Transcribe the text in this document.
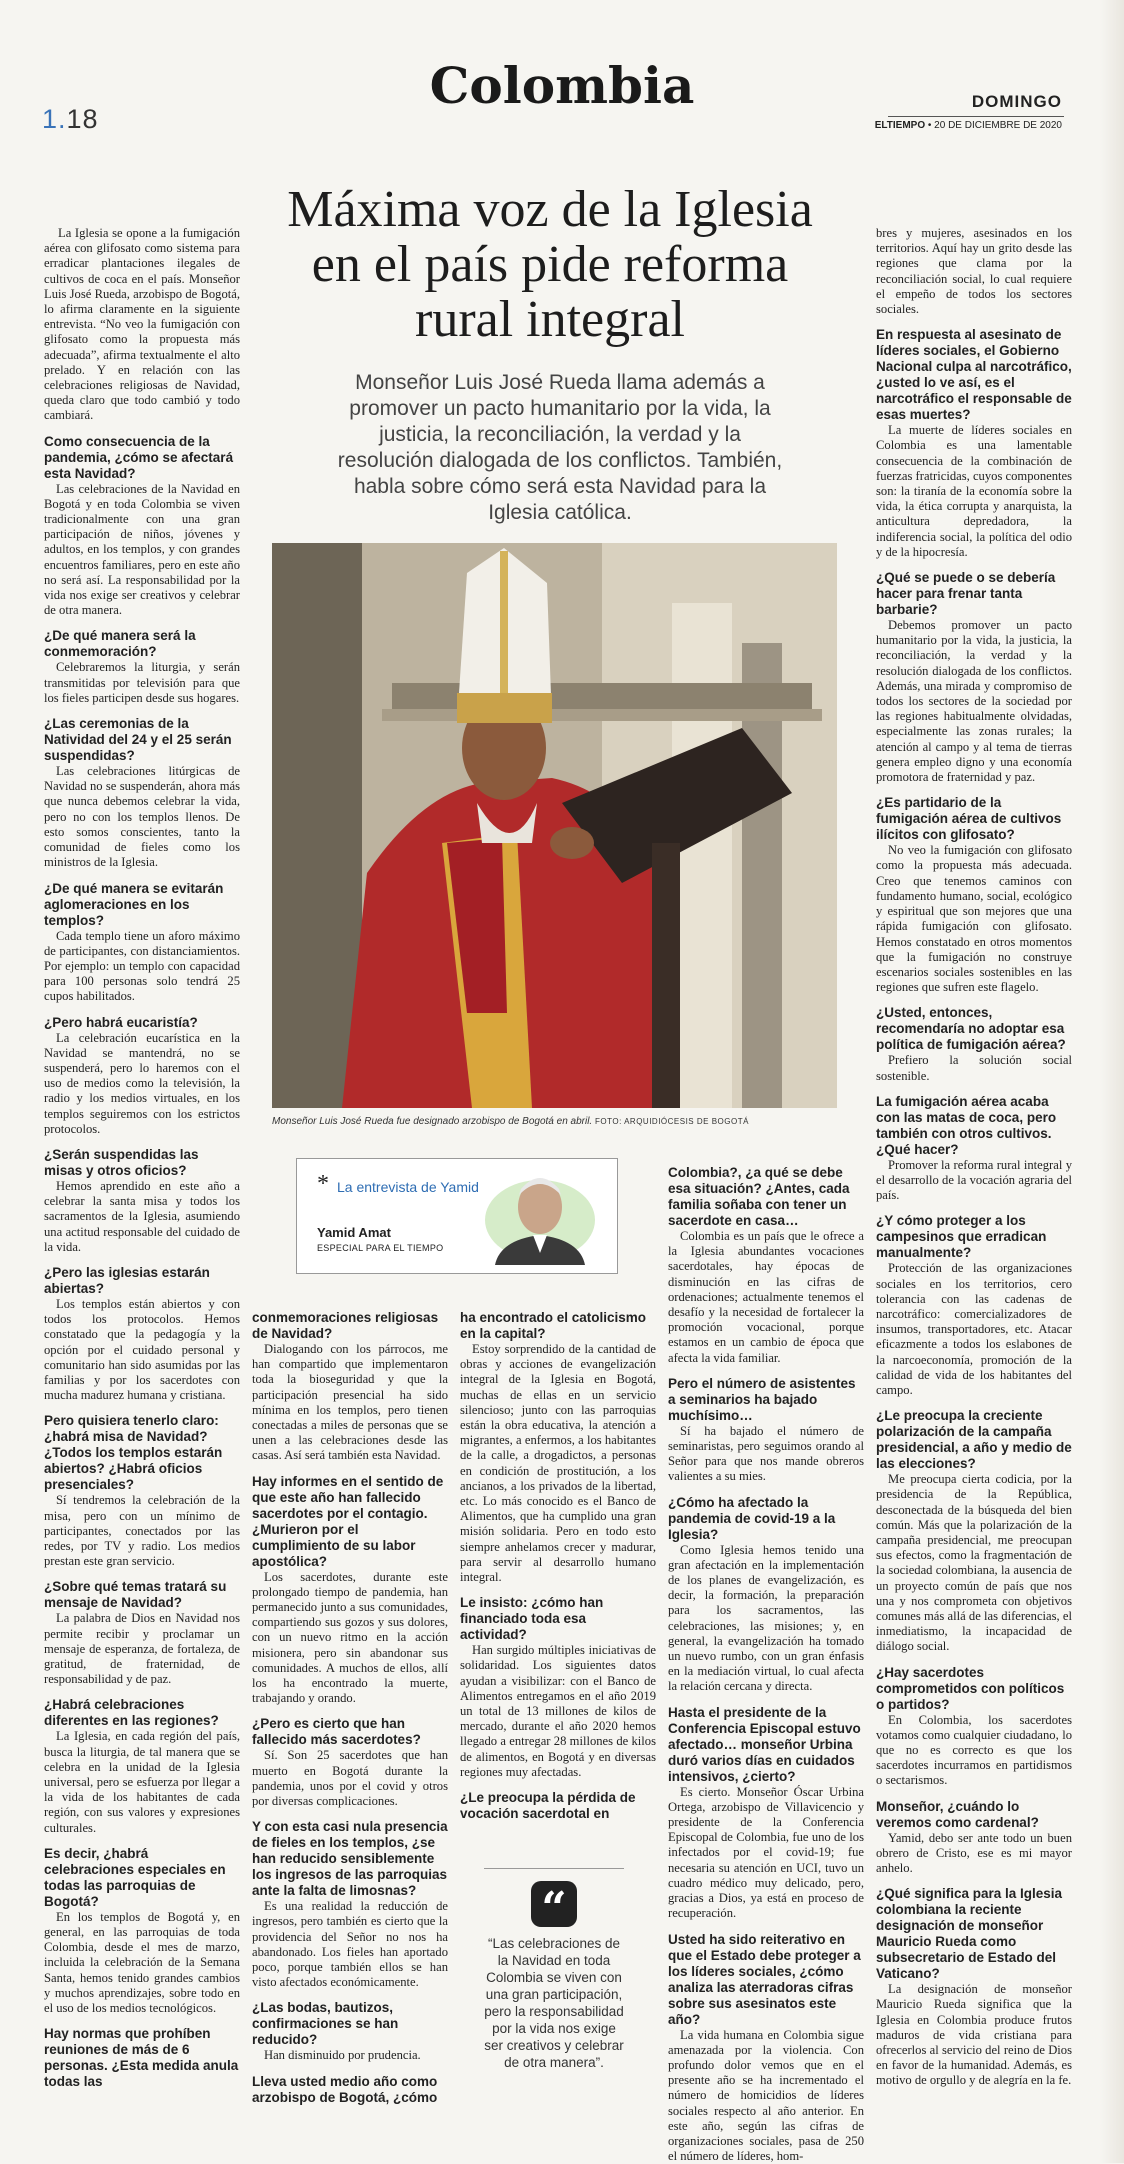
1.18
Colombia	DOMINGO
ELTIEMPO • 20 DE DICIEMBRE DE 2020
Máxima voz de la Iglesia en el país pide reforma rural integral
Monseñor Luis José Rueda llama además a promover un pacto humanitario por la vida, la justicia, la reconciliación, la verdad y la resolución dialogada de los conflictos. También, habla sobre cómo será esta Navidad para la Iglesia católica.
Monseñor Luis José Rueda fue designado arzobispo de Bogotá en abril. FOTO: ARQUIDIÓCESIS DE BOGOTÁ
* La entrevista de Yamid
Yamid Amat
ESPECIAL PARA EL TIEMPO
“
“Las celebraciones de la Navidad en toda Colombia se viven con una gran participación, pero la responsabilidad por la vida nos exige ser creativos y celebrar de otra manera”.

La Iglesia se opone a la fumigación aérea con glifosato como sistema para erradicar plantaciones ilegales de cultivos de coca en el país. Monseñor Luis José Rueda, arzobispo de Bogotá, lo afirma claramente en la siguiente entrevista. “No veo la fumigación con glifosato como la propuesta más adecuada”, afirma textualmente el alto prelado. Y en relación con las celebraciones religiosas de Navidad, queda claro que todo cambió y todo cambiará.

Como consecuencia de la pandemia, ¿cómo se afectará esta Navidad?

Las celebraciones de la Navidad en Bogotá y en toda Colombia se viven tradicionalmente con una gran participación de niños, jóvenes y adultos, en los templos, y con grandes encuentros familiares, pero en este año no será así. La responsabilidad por la vida nos exige ser creativos y celebrar de otra manera.

¿De qué manera será la conmemoración?

Celebraremos la liturgia, y serán transmitidas por televisión para que los fieles participen desde sus hogares.

¿Las ceremonias de la Natividad del 24 y el 25 serán suspendidas?

Las celebraciones litúrgicas de Navidad no se suspenderán, ahora más que nunca debemos celebrar la vida, pero no con los templos llenos. De esto somos conscientes, tanto la comunidad de fieles como los ministros de la Iglesia.

¿De qué manera se evitarán aglomeraciones en los templos?

Cada templo tiene un aforo máximo de participantes, con distanciamientos. Por ejemplo: un templo con capacidad para 100 personas solo tendrá 25 cupos habilitados.

¿Pero habrá eucaristía?

La celebración eucarística en la Navidad se mantendrá, no se suspenderá, pero lo haremos con el uso de medios como la televisión, la radio y los medios virtuales, en los templos seguiremos con los estrictos protocolos.

¿Serán suspendidas las misas y otros oficios?

Hemos aprendido en este año a celebrar la santa misa y todos los sacramentos de la Iglesia, asumiendo una actitud responsable del cuidado de la vida.

¿Pero las iglesias estarán abiertas?

Los templos están abiertos y con todos los protocolos. Hemos constatado que la pedagogía y la opción por el cuidado personal y comunitario han sido asumidas por las familias y por los sacerdotes con mucha madurez humana y cristiana.

Pero quisiera tenerlo claro: ¿habrá misa de Navidad? ¿Todos los templos estarán abiertos? ¿Habrá oficios presenciales?

Sí tendremos la celebración de la misa, pero con un mínimo de participantes, conectados por las redes, por TV y radio. Los medios prestan este gran servicio.

¿Sobre qué temas tratará su mensaje de Navidad?

La palabra de Dios en Navidad nos permite recibir y proclamar un mensaje de esperanza, de fortaleza, de gratitud, de fraternidad, de responsabilidad y de paz.

¿Habrá celebraciones diferentes en las regiones?

La Iglesia, en cada región del país, busca la liturgia, de tal manera que se celebra en la unidad de la Iglesia universal, pero se esfuerza por llegar a la vida de los habitantes de cada región, con sus valores y expresiones culturales.

Es decir, ¿habrá celebraciones especiales en todas las parroquias de Bogotá?

En los templos de Bogotá y, en general, en las parroquias de toda Colombia, desde el mes de marzo, incluida la celebración de la Semana Santa, hemos tenido grandes cambios y muchos aprendizajes, sobre todo en el uso de los medios tecnológicos.

Hay normas que prohíben reuniones de más de 6 personas. ¿Esta medida anula todas las

conmemoraciones religiosas de Navidad?

Dialogando con los párrocos, me han compartido que implementaron toda la bioseguridad y que la participación presencial ha sido mínima en los templos, pero tienen conectadas a miles de personas que se unen a las celebraciones desde las casas. Así será también esta Navidad.

Hay informes en el sentido de que este año han fallecido sacerdotes por el contagio. ¿Murieron por el cumplimiento de su labor apostólica?

Los sacerdotes, durante este prolongado tiempo de pandemia, han permanecido junto a sus comunidades, compartiendo sus gozos y sus dolores, con un nuevo ritmo en la acción misionera, pero sin abandonar sus comunidades. A muchos de ellos, allí los ha encontrado la muerte, trabajando y orando.

¿Pero es cierto que han fallecido más sacerdotes?

Sí. Son 25 sacerdotes que han muerto en Bogotá durante la pandemia, unos por el covid y otros por diversas complicaciones.

Y con esta casi nula presencia de fieles en los templos, ¿se han reducido sensiblemente los ingresos de las parroquias ante la falta de limosnas?

Es una realidad la reducción de ingresos, pero también es cierto que la providencia del Señor no nos ha abandonado. Los fieles han aportado poco, porque también ellos se han visto afectados económicamente.

¿Las bodas, bautizos, confirmaciones se han reducido?

Han disminuido por prudencia.

Lleva usted medio año como arzobispo de Bogotá, ¿cómo

ha encontrado el catolicismo en la capital?

Estoy sorprendido de la cantidad de obras y acciones de evangelización integral de la Iglesia en Bogotá, muchas de ellas en un servicio silencioso; junto con las parroquias están la obra educativa, la atención a migrantes, a enfermos, a los habitantes de la calle, a drogadictos, a personas en condición de prostitución, a los ancianos, a los privados de la libertad, etc. Lo más conocido es el Banco de Alimentos, que ha cumplido una gran misión solidaria. Pero en todo esto siempre anhelamos crecer y madurar, para servir al desarrollo humano integral.

Le insisto: ¿cómo han financiado toda esa actividad?

Han surgido múltiples iniciativas de solidaridad. Los siguientes datos ayudan a visibilizar: con el Banco de Alimentos entregamos en el año 2019 un total de 13 millones de kilos de mercado, durante el año 2020 hemos llegado a entregar 28 millones de kilos de alimentos, en Bogotá y en diversas regiones muy afectadas.

¿Le preocupa la pérdida de vocación sacerdotal en

Colombia?, ¿a qué se debe esa situación? ¿Antes, cada familia soñaba con tener un sacerdote en casa…

Colombia es un país que le ofrece a la Iglesia abundantes vocaciones sacerdotales, hay épocas de disminución en las cifras de ordenaciones; actualmente tenemos el desafío y la necesidad de fortalecer la promoción vocacional, porque estamos en un cambio de época que afecta la vida familiar.

Pero el número de asistentes a seminarios ha bajado muchísimo…

Sí ha bajado el número de seminaristas, pero seguimos orando al Señor para que nos mande obreros valientes a su mies.

¿Cómo ha afectado la pandemia de covid-19 a la Iglesia?

Como Iglesia hemos tenido una gran afectación en la implementación de los planes de evangelización, es decir, la formación, la preparación para los sacramentos, las celebraciones, las misiones; y, en general, la evangelización ha tomado un nuevo rumbo, con un gran énfasis en la mediación virtual, lo cual afecta la relación cercana y directa.

Hasta el presidente de la Conferencia Episcopal estuvo afectado… monseñor Urbina duró varios días en cuidados intensivos, ¿cierto?

Es cierto. Monseñor Óscar Urbina Ortega, arzobispo de Villavicencio y presidente de la Conferencia Episcopal de Colombia, fue uno de los infectados por el covid-19; fue necesaria su atención en UCI, tuvo un cuadro médico muy delicado, pero, gracias a Dios, ya está en proceso de recuperación.

Usted ha sido reiterativo en que el Estado debe proteger a los líderes sociales, ¿cómo analiza las aterradoras cifras sobre sus asesinatos este año?

La vida humana en Colombia sigue amenazada por la violencia. Con profundo dolor vemos que en el presente año se ha incrementado el número de homicidios de líderes sociales respecto al año anterior. En este año, según las cifras de organizaciones sociales, pasa de 250 el número de líderes, hom-

bres y mujeres, asesinados en los territorios. Aquí hay un grito desde las regiones que clama por la reconciliación social, lo cual requiere el empeño de todos los sectores sociales.

En respuesta al asesinato de líderes sociales, el Gobierno Nacional culpa al narcotráfico, ¿usted lo ve así, es el narcotráfico el responsable de esas muertes?

La muerte de líderes sociales en Colombia es una lamentable consecuencia de la combinación de fuerzas fratricidas, cuyos componentes son: la tiranía de la economía sobre la vida, la ética corrupta y anarquista, la anticultura depredadora, la indiferencia social, la política del odio y de la hipocresía.

¿Qué se puede o se debería hacer para frenar tanta barbarie?

Debemos promover un pacto humanitario por la vida, la justicia, la reconciliación, la verdad y la resolución dialogada de los conflictos. Además, una mirada y compromiso de todos los sectores de la sociedad por las regiones habitualmente olvidadas, especialmente las zonas rurales; la atención al campo y al tema de tierras genera empleo digno y una economía promotora de fraternidad y paz.

¿Es partidario de la fumigación aérea de cultivos ilícitos con glifosato?

No veo la fumigación con glifosato como la propuesta más adecuada. Creo que tenemos caminos con fundamento humano, social, ecológico y espiritual que son mejores que una rápida fumigación con glifosato. Hemos constatado en otros momentos que la fumigación no construye escenarios sociales sostenibles en las regiones que sufren este flagelo.

¿Usted, entonces, recomendaría no adoptar esa política de fumigación aérea?

Prefiero la solución social sostenible.

La fumigación aérea acaba con las matas de coca, pero también con otros cultivos. ¿Qué hacer?

Promover la reforma rural integral y el desarrollo de la vocación agraria del país.

¿Y cómo proteger a los campesinos que erradican manualmente?

Protección de las organizaciones sociales en los territorios, cero tolerancia con las cadenas de narcotráfico: comercializadores de insumos, transportadores, etc. Atacar eficazmente a todos los eslabones de la narcoeconomía, promoción de la calidad de vida de los habitantes del campo.

¿Le preocupa la creciente polarización de la campaña presidencial, a año y medio de las elecciones?

Me preocupa cierta codicia, por la presidencia de la República, desconectada de la búsqueda del bien común. Más que la polarización de la campaña presidencial, me preocupan sus efectos, como la fragmentación de la sociedad colombiana, la ausencia de un proyecto común de país que nos una y nos comprometa con objetivos comunes más allá de las diferencias, el inmediatismo, la incapacidad de diálogo social.

¿Hay sacerdotes comprometidos con políticos o partidos?

En Colombia, los sacerdotes votamos como cualquier ciudadano, lo que no es correcto es que los sacerdotes incurramos en partidismos o sectarismos.

Monseñor, ¿cuándo lo veremos como cardenal?

Yamid, debo ser ante todo un buen obrero de Cristo, ese es mi mayor anhelo.

¿Qué significa para la Iglesia colombiana la reciente designación de monseñor Mauricio Rueda como subsecretario de Estado del Vaticano?

La designación de monseñor Mauricio Rueda significa que la Iglesia en Colombia produce frutos maduros de vida cristiana para ofrecerlos al servicio del reino de Dios en favor de la humanidad. Además, es motivo de orgullo y de alegría en la fe.
